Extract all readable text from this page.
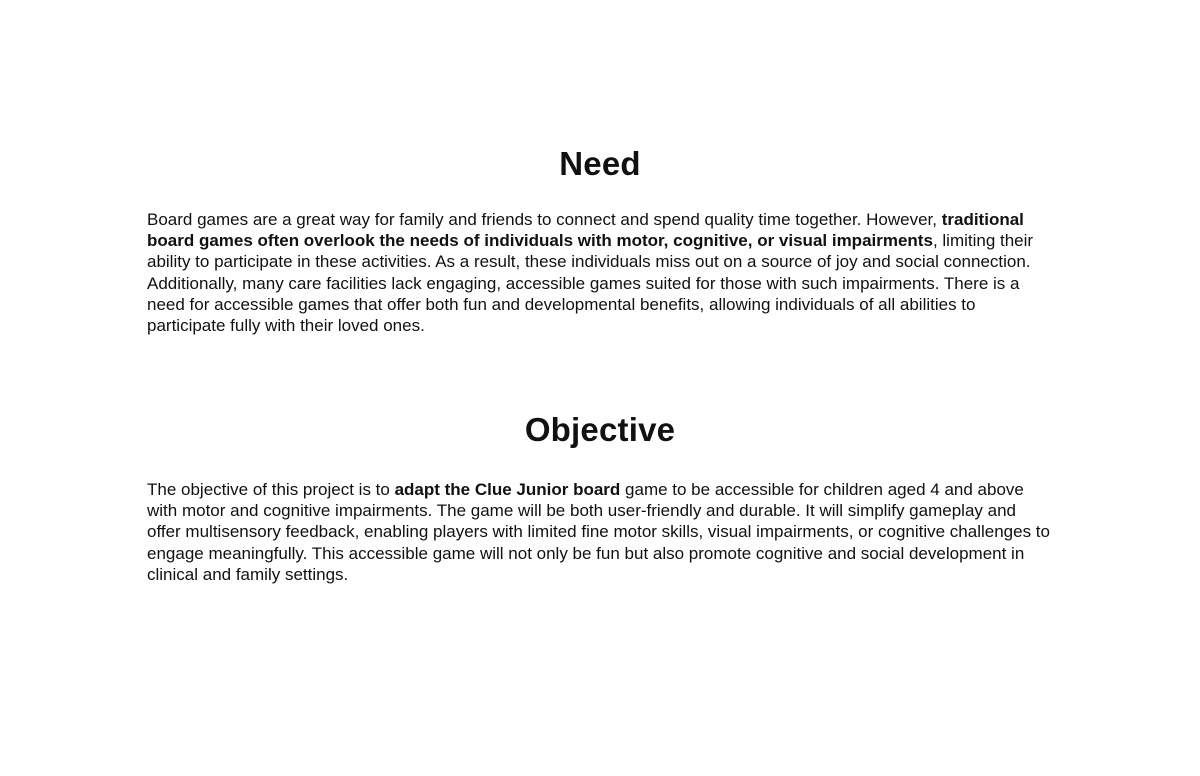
Need

Board games are a great way for family and friends to connect and spend quality time together. However, traditional board games often overlook the needs of individuals with motor, cognitive, or visual impairments, limiting their ability to participate in these activities. As a result, these individuals miss out on a source of joy and social connection. Additionally, many care facilities lack engaging, accessible games suited for those with such impairments. There is a need for accessible games that offer both fun and developmental benefits, allowing individuals of all abilities to participate fully with their loved ones.

Objective

The objective of this project is to adapt the Clue Junior board game to be accessible for children aged 4 and above with motor and cognitive impairments. The game will be both user-friendly and durable. It will simplify gameplay and offer multisensory feedback, enabling players with limited fine motor skills, visual impairments, or cognitive challenges to engage meaningfully. This accessible game will not only be fun but also promote cognitive and social development in clinical and family settings.
